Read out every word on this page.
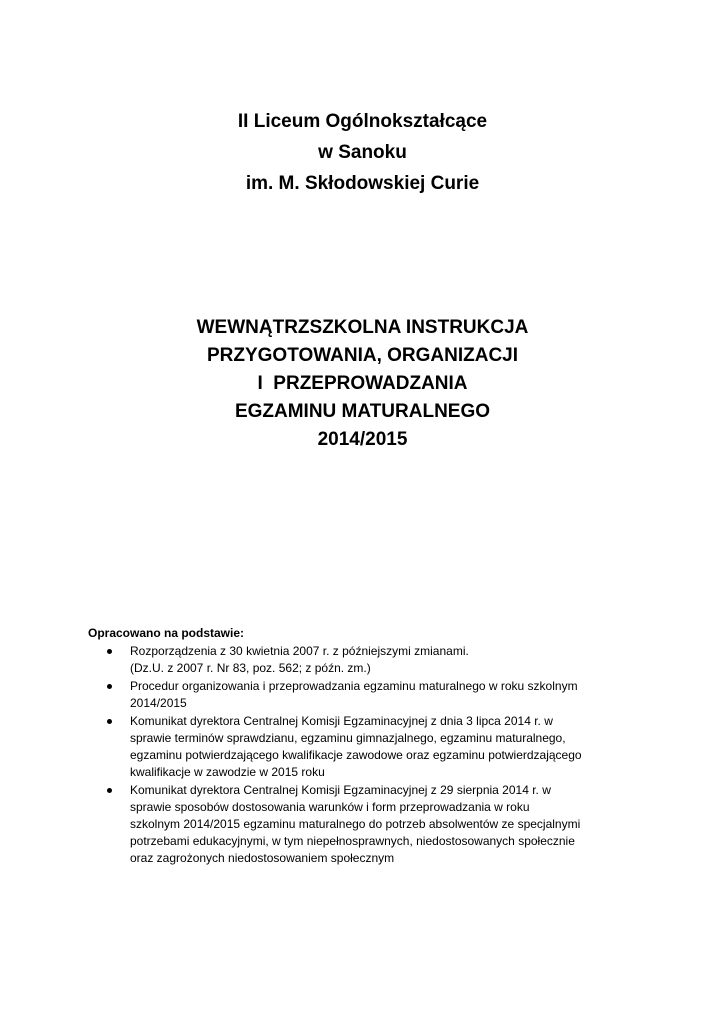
II Liceum Ogólnokształcące
w Sanoku
im. M. Skłodowskiej Curie
WEWNĄTRZSZKOLNA INSTRUKCJA
PRZYGOTOWANIA, ORGANIZACJI
I  PRZEPROWADZANIA
EGZAMINU MATURALNEGO
2014/2015
Opracowano na podstawie:
Rozporządzenia z 30 kwietnia 2007 r. z późniejszymi zmianami.
(Dz.U. z 2007 r. Nr 83, poz. 562; z późn. zm.)
Procedur organizowania i przeprowadzania egzaminu maturalnego w roku szkolnym
2014/2015
Komunikat dyrektora Centralnej Komisji Egzaminacyjnej z dnia 3 lipca 2014 r. w
sprawie terminów sprawdzianu, egzaminu gimnazjalnego, egzaminu maturalnego,
egzaminu potwierdzającego kwalifikacje zawodowe oraz egzaminu potwierdzającego
kwalifikacje w zawodzie w 2015 roku
Komunikat dyrektora Centralnej Komisji Egzaminacyjnej z 29 sierpnia 2014 r. w
sprawie sposobów dostosowania warunków i form przeprowadzania w roku
szkolnym 2014/2015 egzaminu maturalnego do potrzeb absolwentów ze specjalnymi
potrzebami edukacyjnymi, w tym niepełnosprawnych, niedostosowanych społecznie
oraz zagrożonych niedostosowaniem społecznym
